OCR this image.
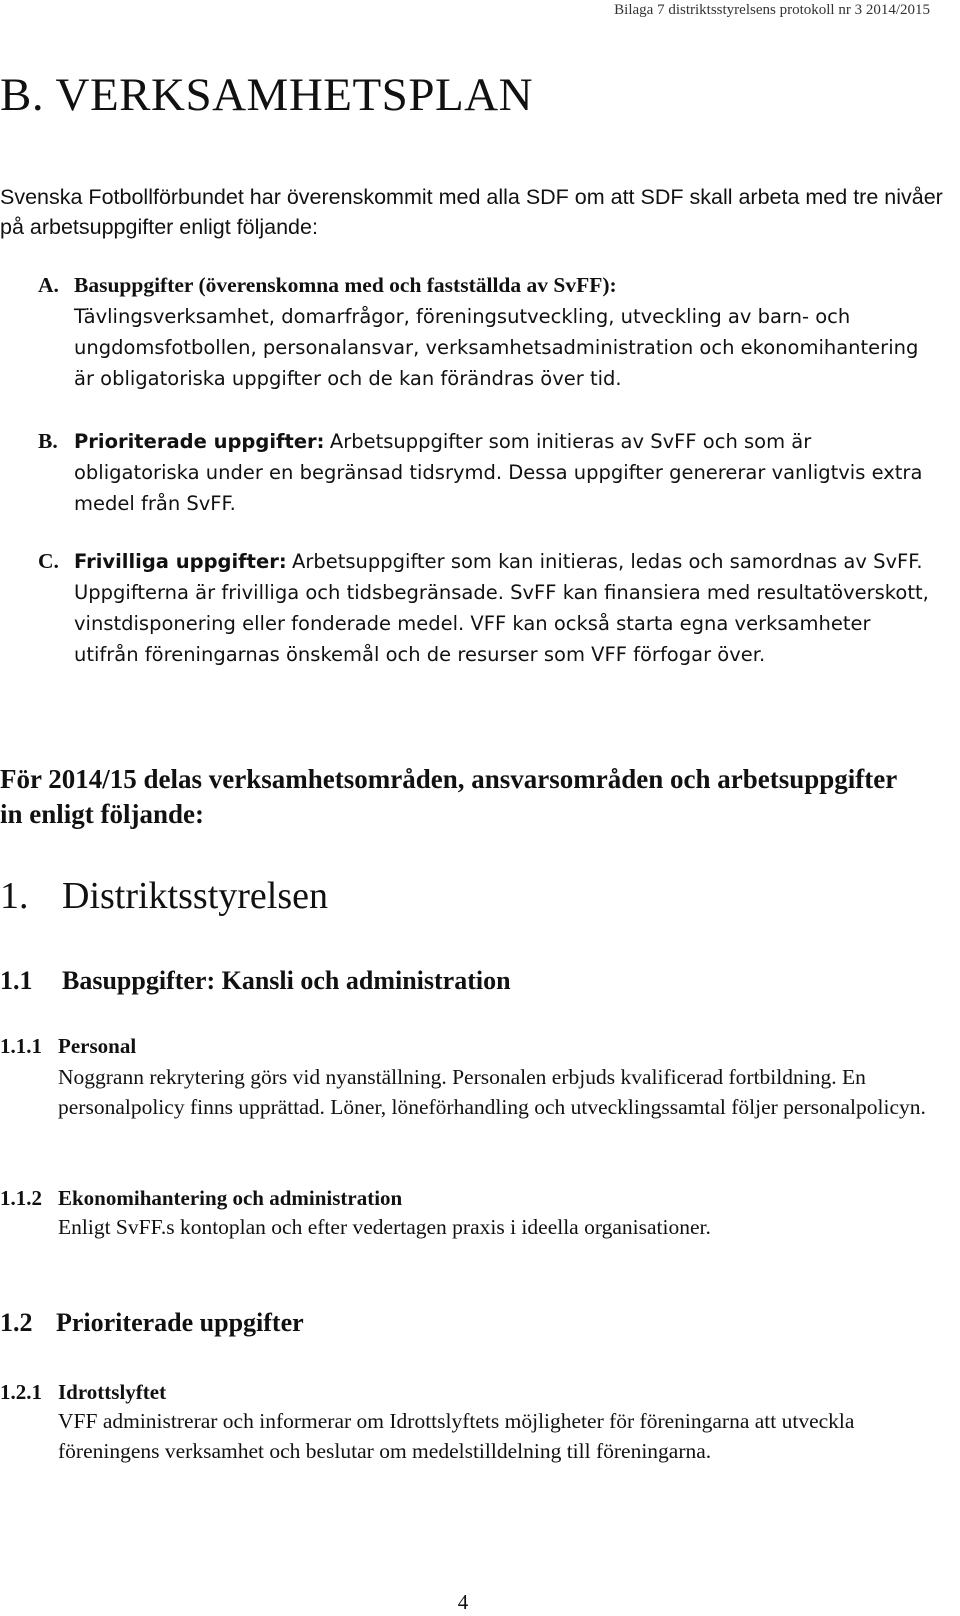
Bilaga 7 distriktsstyrelsens protokoll nr 3 2014/2015
B. VERKSAMHETSPLAN

Svenska Fotbollförbundet har överenskommit med alla SDF om att SDF skall arbeta med tre nivåer på arbetsuppgifter enligt följande:

A. Basuppgifter (överenskomna med och fastställda av SvFF):
Tävlingsverksamhet, domarfrågor, föreningsutveckling, utveckling av barn- och ungdomsfotbollen, personalansvar, verksamhetsadministration och ekonomihantering är obligatoriska uppgifter och de kan förändras över tid.
B. Prioriterade uppgifter: Arbetsuppgifter som initieras av SvFF och som är obligatoriska under en begränsad tidsrymd. Dessa uppgifter genererar vanligtvis extra medel från SvFF.
C. Frivilliga uppgifter: Arbetsuppgifter som kan initieras, ledas och samordnas av SvFF. Uppgifterna är frivilliga och tidsbegränsade. SvFF kan finansiera med resultatöverskott, vinstdisponering eller fonderade medel. VFF kan också starta egna verksamheter utifrån föreningarnas önskemål och de resurser som VFF förfogar över.

För 2014/15 delas verksamhetsområden, ansvarsområden och arbetsuppgifter in enligt följande:

1. Distriktsstyrelsen
1.1 Basuppgifter: Kansli och administration
1.1.1 Personal

Noggrann rekrytering görs vid nyanställning. Personalen erbjuds kvalificerad fortbildning. En personalpolicy finns upprättad. Löner, löneförhandling och utvecklingssamtal följer personalpolicyn.

1.1.2 Ekonomihantering och administration

Enligt SvFF.s kontoplan och efter vedertagen praxis i ideella organisationer.

1.2 Prioriterade uppgifter
1.2.1 Idrottslyftet

VFF administrerar och informerar om Idrottslyftets möjligheter för föreningarna att utveckla föreningens verksamhet och beslutar om medelstilldelning till föreningarna.

4
